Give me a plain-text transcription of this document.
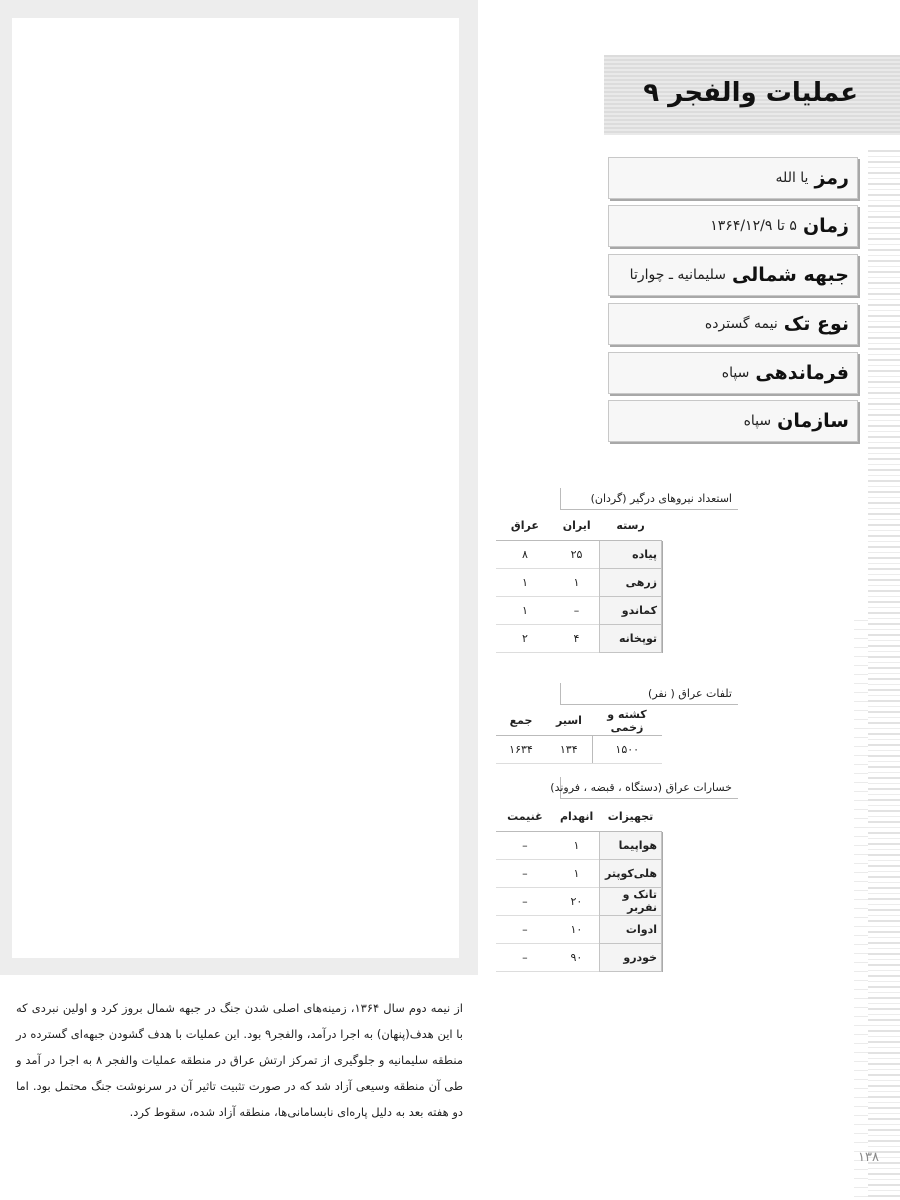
عملیات والفجر ۹
رمز
یا الله
زمان
۵ تا ۱۳۶۴/۱۲/۹
جبهه شمالی
سلیمانیه ـ چوارتا
نوع تک
نیمه گسترده
فرماندهی
سپاه
سازمان
سپاه
استعداد نیروهای درگیر (گردان)
رسته	ایران	عراق
پیاده	۲۵	۸
زرهی	۱	۱
کماندو	–	۱
توپخانه	۴	۲
تلفات عراق ( نفر)
کشته و زخمی	اسیر	جمع
۱۵۰۰	۱۳۴	۱۶۳۴
خسارات عراق (دستگاه ، قبضه ، فروند)
تجهیزات	انهدام	غنیمت
هواپیما	۱	–
هلی‌کوپتر	۱	–
تانک و نفربر	۲۰	–
ادوات	۱۰	–
خودرو	۹۰	–

از نیمه دوم سال ۱۳۶۴، زمینه‌های اصلی شدن جنگ در جبهه شمال بروز کرد و اولین نبردی که با این هدف(پنهان) به اجرا درآمد، والفجر۹ بود. این عملیات با هدف گشودن جبهه‌ای گسترده در منطقه سلیمانیه و جلوگیری از تمرکز ارتش عراق در منطقه عملیات والفجر ۸ به اجرا در آمد و طی آن منطقه وسیعی آزاد شد که در صورت تثبیت تاثیر آن در سرنوشت جنگ محتمل بود. اما دو هفته بعد به دلیل پاره‌ای نابسامانی‌ها، منطقه آزاد شده، سقوط کرد.

۱۳۸
